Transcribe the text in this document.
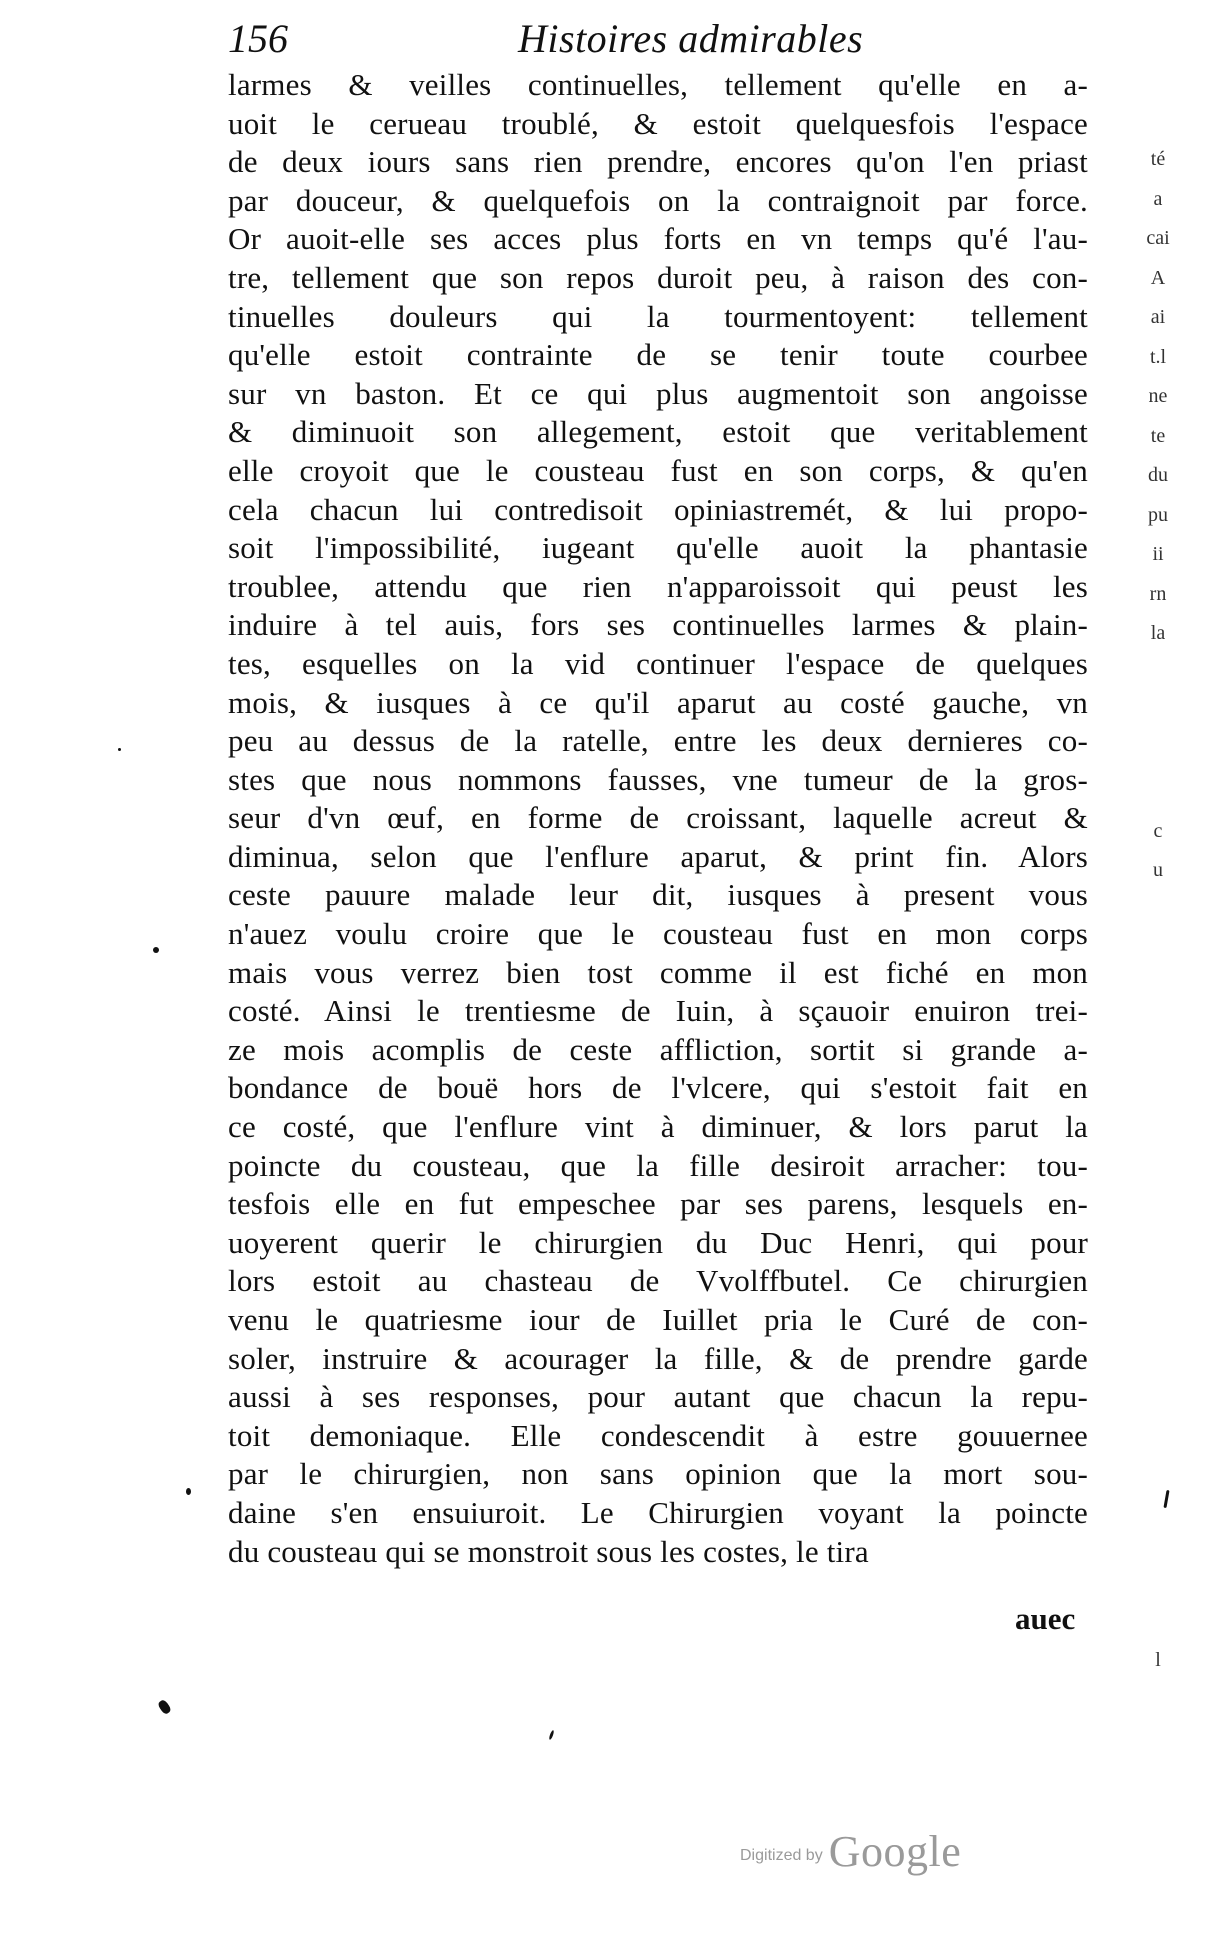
156	Histoires admirables
larmes & veilles continuelles, tellement qu'elle en a-
uoit le cerueau troublé, & estoit quelquesfois l'espace
de deux iours sans rien prendre, encores qu'on l'en priast
par douceur, & quelquefois on la contraignoit par force.
Or auoit-elle ses acces plus forts en vn temps qu'é l'au-
tre, tellement que son repos duroit peu, à raison des con-
tinuelles douleurs qui la tourmentoyent: tellement
qu'elle estoit contrainte de se tenir toute courbee
sur vn baston. Et ce qui plus augmentoit son angoisse
& diminuoit son allegement, estoit que veritablement
elle croyoit que le cousteau fust en son corps, & qu'en
cela chacun lui contredisoit opiniastremét, & lui propo-
soit l'impossibilité, iugeant qu'elle auoit la phantasie
troublee, attendu que rien n'apparoissoit qui peust les
induire à tel auis, fors ses continuelles larmes & plain-
tes, esquelles on la vid continuer l'espace de quelques
mois, & iusques à ce qu'il aparut au costé gauche, vn
peu au dessus de la ratelle, entre les deux dernieres co-
stes que nous nommons fausses, vne tumeur de la gros-
seur d'vn œuf, en forme de croissant, laquelle acreut &
diminua, selon que l'enflure aparut, & print fin. Alors
ceste pauure malade leur dit, iusques à present vous
n'auez voulu croire que le cousteau fust en mon corps
mais vous verrez bien tost comme il est fiché en mon
costé. Ainsi le trentiesme de Iuin, à sçauoir enuiron trei-
ze mois acomplis de ceste affliction, sortit si grande a-
bondance de bouë hors de l'vlcere, qui s'estoit fait en
ce costé, que l'enflure vint à diminuer, & lors parut la
poincte du cousteau, que la fille desiroit arracher: tou-
tesfois elle en fut empeschee par ses parens, lesquels en-
uoyerent querir le chirurgien du Duc Henri, qui pour
lors estoit au chasteau de Vvolffbutel. Ce chirurgien
venu le quatriesme iour de Iuillet pria le Curé de con-
soler, instruire & acourager la fille, & de prendre garde
aussi à ses responses, pour autant que chacun la repu-
toit demoniaque. Elle condescendit à estre gouuernee
par le chirurgien, non sans opinion que la mort sou-
daine s'en ensuiuroit. Le Chirurgien voyant la poincte
du cousteau qui se monstroit sous les costes, le tira
auec
té
a
cai
A
ai
t.l
ne
te
du
pu
ii
rn
la
c
u
l
Digitized by Google
